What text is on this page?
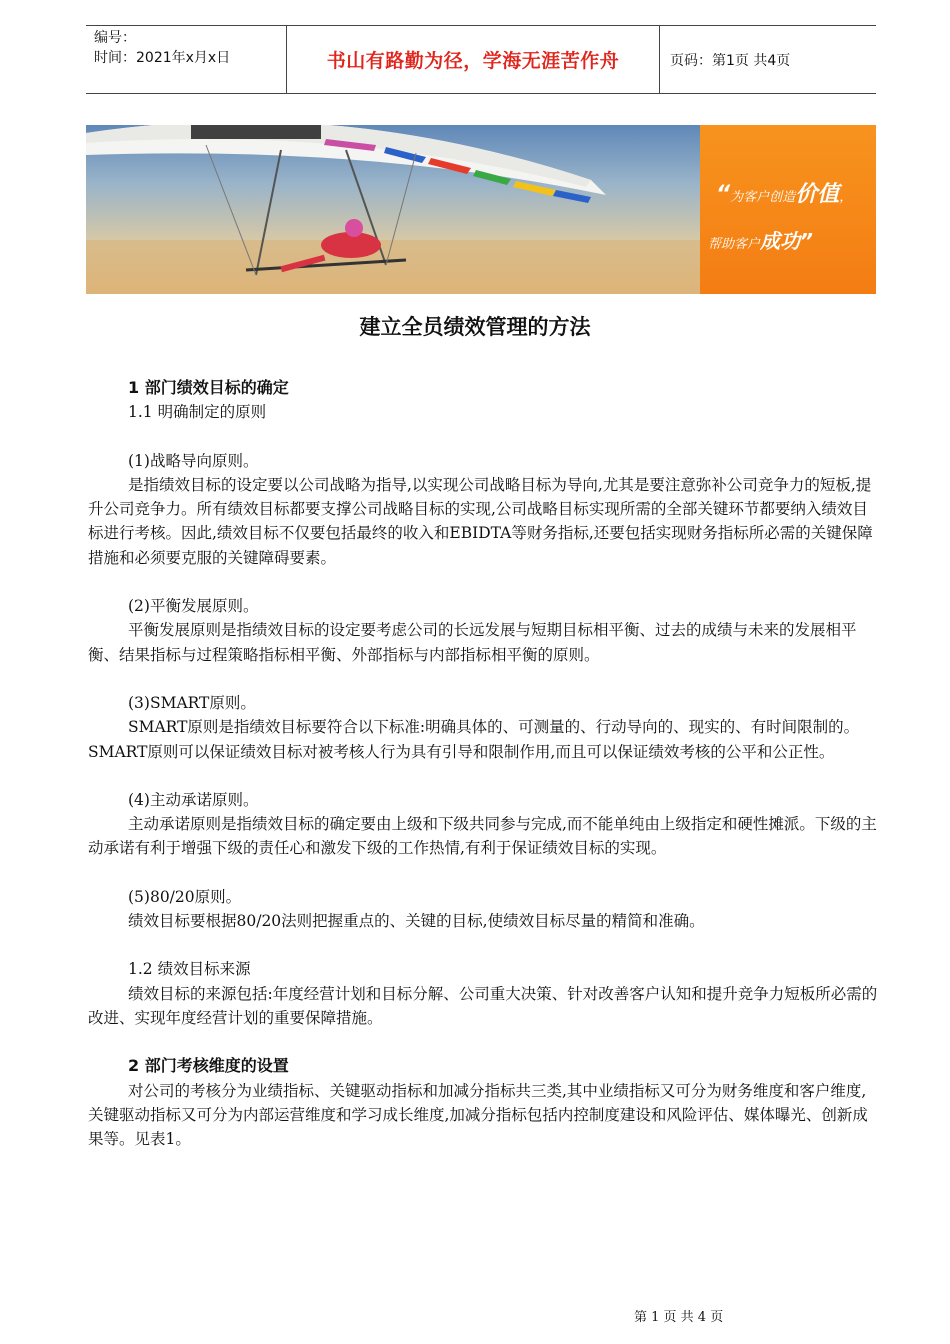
编号：
时间：2021年x月x日	书山有路勤为径，学海无涯苦作舟	页码：第1页 共4页
“为客户创造价值，
帮助客户成功”
建立全员绩效管理的方法

1 部门绩效目标的确定

1.1 明确制定的原则

(1)战略导向原则。

是指绩效目标的设定要以公司战略为指导,以实现公司战略目标为导向,尤其是要注意弥补公司竞争力的短板,提升公司竞争力。所有绩效目标都要支撑公司战略目标的实现,公司战略目标实现所需的全部关键环节都要纳入绩效目标进行考核。因此,绩效目标不仅要包括最终的收入和EBIDTA等财务指标,还要包括实现财务指标所必需的关键保障措施和必须要克服的关键障碍要素。

(2)平衡发展原则。

平衡发展原则是指绩效目标的设定要考虑公司的长远发展与短期目标相平衡、过去的成绩与未来的发展相平衡、结果指标与过程策略指标相平衡、外部指标与内部指标相平衡的原则。

(3)SMART原则。

SMART原则是指绩效目标要符合以下标准:明确具体的、可测量的、行动导向的、现实的、有时间限制的。SMART原则可以保证绩效目标对被考核人行为具有引导和限制作用,而且可以保证绩效考核的公平和公正性。

(4)主动承诺原则。

主动承诺原则是指绩效目标的确定要由上级和下级共同参与完成,而不能单纯由上级指定和硬性摊派。下级的主动承诺有利于增强下级的责任心和激发下级的工作热情,有利于保证绩效目标的实现。

(5)80/20原则。

绩效目标要根据80/20法则把握重点的、关键的目标,使绩效目标尽量的精简和准确。

1.2 绩效目标来源

绩效目标的来源包括:年度经营计划和目标分解、公司重大决策、针对改善客户认知和提升竞争力短板所必需的改进、实现年度经营计划的重要保障措施。

2 部门考核维度的设置

对公司的考核分为业绩指标、关键驱动指标和加减分指标共三类,其中业绩指标又可分为财务维度和客户维度,关键驱动指标又可分为内部运营维度和学习成长维度,加减分指标包括内控制度建设和风险评估、媒体曝光、创新成果等。见表1。

第 1 页 共 4 页
